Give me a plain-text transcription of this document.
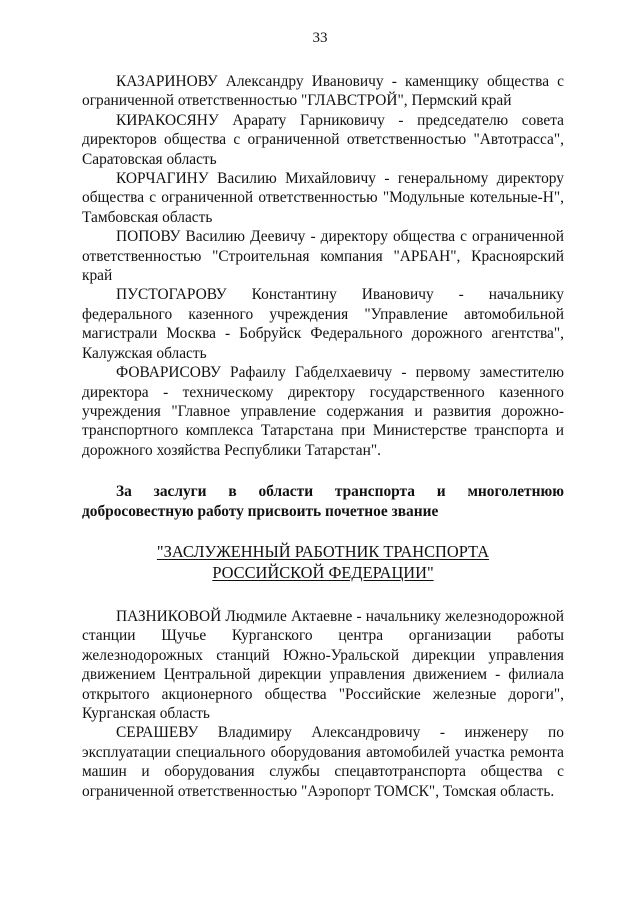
33

КАЗАРИНОВУ Александру Ивановичу - каменщику общества с ограниченной ответственностью "ГЛАВСТРОЙ", Пермский край

КИРАКОСЯНУ Арарату Гарниковичу - председателю совета директоров общества с ограниченной ответственностью "Автотрасса", Саратовская область

КОРЧАГИНУ Василию Михайловичу - генеральному директору общества с ограниченной ответственностью "Модульные котельные-Н", Тамбовская область

ПОПОВУ Василию Деевичу - директору общества с ограниченной ответственностью "Строительная компания "АРБАН", Красноярский край

ПУСТОГАРОВУ Константину Ивановичу - начальнику федерального казенного учреждения "Управление автомобильной магистрали Москва - Бобруйск Федерального дорожного агентства", Калужская область

ФОВАРИСОВУ Рафаилу Габделхаевичу - первому заместителю директора - техническому директору государственного казенного учреждения "Главное управление содержания и развития дорожно-транспортного комплекса Татарстана при Министерстве транспорта и дорожного хозяйства Республики Татарстан".

За заслуги в области транспорта и многолетнюю добросовестную работу присвоить почетное звание

"ЗАСЛУЖЕННЫЙ РАБОТНИК ТРАНСПОРТА
РОССИЙСКОЙ ФЕДЕРАЦИИ"

ПАЗНИКОВОЙ Людмиле Актаевне - начальнику железнодорожной станции Щучье Курганского центра организации работы железнодорожных станций Южно-Уральской дирекции управления движением Центральной дирекции управления движением - филиала открытого акционерного общества "Российские железные дороги", Курганская область

СЕРАШЕВУ Владимиру Александровичу - инженеру по эксплуатации специального оборудования автомобилей участка ремонта машин и оборудования службы спецавтотранспорта общества с ограниченной ответственностью "Аэропорт ТОМСК", Томская область.
